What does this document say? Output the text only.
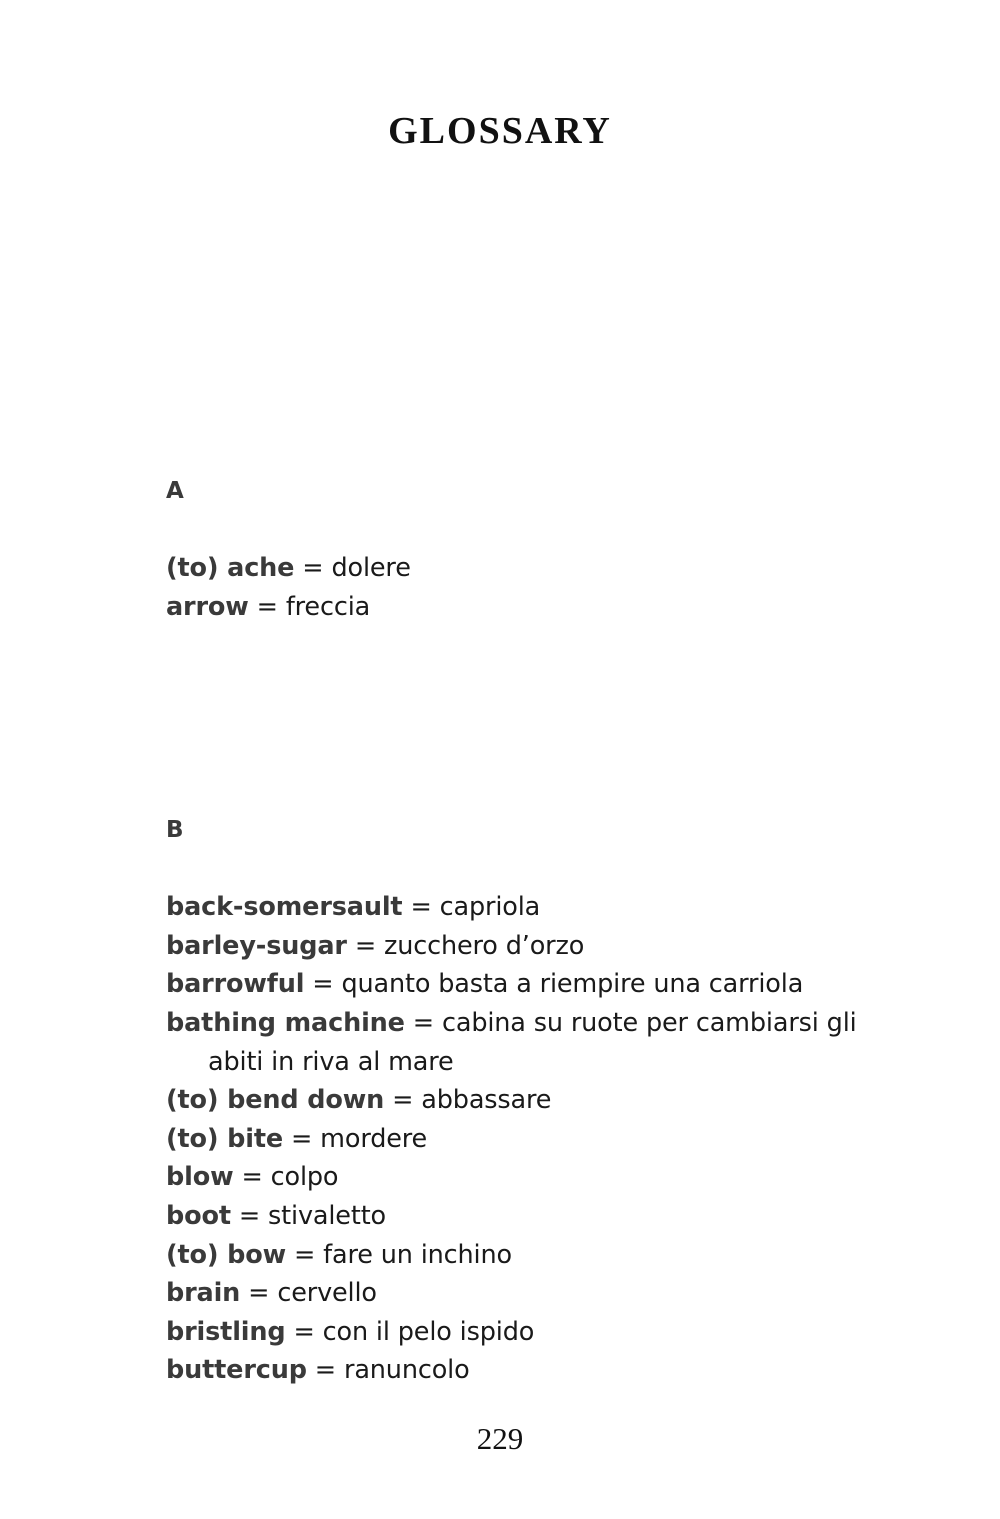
GLOSSARY
A
(to) ache = dolere
arrow = freccia
B
back-somersault = capriola
barley-sugar = zucchero d’orzo
barrowful = quanto basta a riempire una carriola
bathing machine = cabina su ruote per cambiarsi gli abiti in riva al mare
(to) bend down = abbassare
(to) bite = mordere
blow = colpo
boot = stivaletto
(to) bow = fare un inchino
brain = cervello
bristling = con il pelo ispido
buttercup = ranuncolo
229
